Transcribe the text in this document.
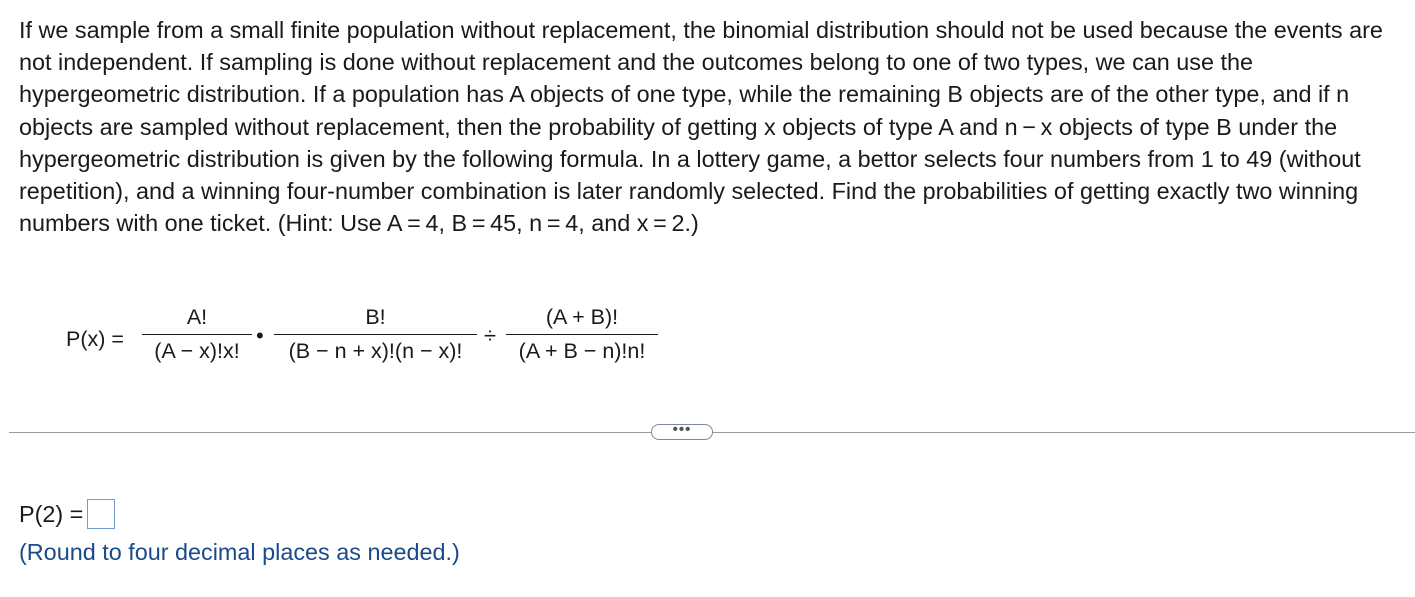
If we sample from a small finite population without replacement, the binomial distribution should not be used because the events are not independent. If sampling is done without replacement and the outcomes belong to one of two types, we can use the hypergeometric distribution. If a population has A objects of one type, while the remaining B objects are of the other type, and if n objects are sampled without replacement, then the probability of getting x objects of type A and n − x objects of type B under the hypergeometric distribution is given by the following formula. In a lottery game, a bettor selects four numbers from 1 to 49 (without repetition), and a winning four-number combination is later randomly selected. Find the probabilities of getting exactly two winning numbers with one ticket. (Hint: Use A = 4, B = 45, n = 4, and x = 2.)

P(x) =
A!
(A − x)!x!
•
B!
(B − n + x)!(n − x)!
÷
(A + B)!
(A + B − n)!n!
•••
P(2) =
(Round to four decimal places as needed.)
